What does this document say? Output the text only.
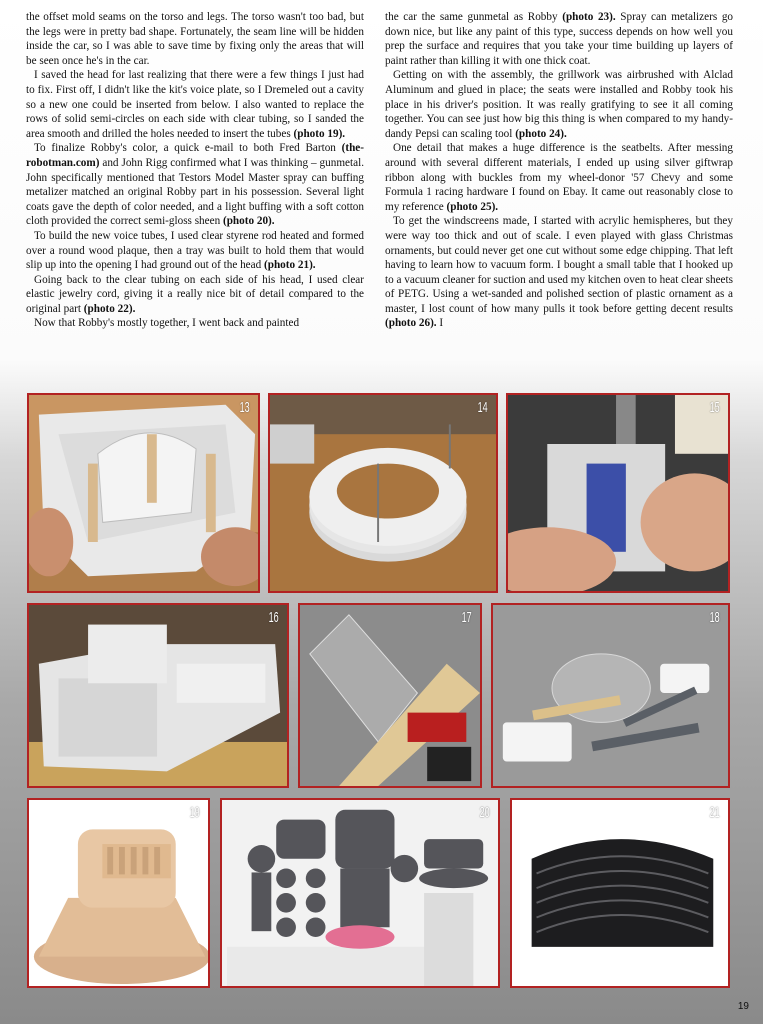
the offset mold seams on the torso and legs. The torso wasn't too bad, but the legs were in pretty bad shape. Fortunately, the seam line will be hidden inside the car, so I was able to save time by fixing only the areas that will be seen once he's in the car.

I saved the head for last realizing that there were a few things I just had to fix. First off, I didn't like the kit's voice plate, so I Dremeled out a cavity so a new one could be inserted from below. I also wanted to replace the rows of solid semi-circles on each side with clear tubing, so I sanded the area smooth and drilled the holes needed to insert the tubes (photo 19).

To finalize Robby's color, a quick e-mail to both Fred Barton (the-robotman.com) and John Rigg confirmed what I was thinking – gunmetal. John specifically mentioned that Testors Model Master spray can buffing metalizer matched an original Robby part in his possession. Several light coats gave the depth of color needed, and a light buffing with a soft cotton cloth provided the correct semi-gloss sheen (photo 20).

To build the new voice tubes, I used clear styrene rod heated and formed over a round wood plaque, then a tray was built to hold them that would slip up into the opening I had ground out of the head (photo 21).

Going back to the clear tubing on each side of his head, I used clear elastic jewelry cord, giving it a really nice bit of detail compared to the original part (photo 22).

Now that Robby's mostly together, I went back and painted

the car the same gunmetal as Robby (photo 23). Spray can metalizers go down nice, but like any paint of this type, success depends on how well you prep the surface and requires that you take your time building up layers of paint rather than killing it with one thick coat.

Getting on with the assembly, the grillwork was airbrushed with Alclad Aluminum and glued in place; the seats were installed and Robby took his place in his driver's position. It was really gratifying to see it all coming together. You can see just how big this thing is when compared to my handy-dandy Pepsi can scaling tool (photo 24).

One detail that makes a huge difference is the seatbelts. After messing around with several different materials, I ended up using silver giftwrap ribbon along with buckles from my wheel-donor '57 Chevy and some Formula 1 racing hardware I found on Ebay. It came out reasonably close to my reference (photo 25).

To get the windscreens made, I started with acrylic hemispheres, but they were way too thick and out of scale. I even played with glass Christmas ornaments, but could never get one cut without some edge chipping. That left having to learn how to vacuum form. I bought a small table that I hooked up to a vacuum cleaner for suction and used my kitchen oven to heat clear sheets of PETG. Using a wet-sanded and polished section of plastic ornament as a master, I lost count of how many pulls it took before getting decent results (photo 26). I

13	14	15
16	17	18
19	20	21
19
